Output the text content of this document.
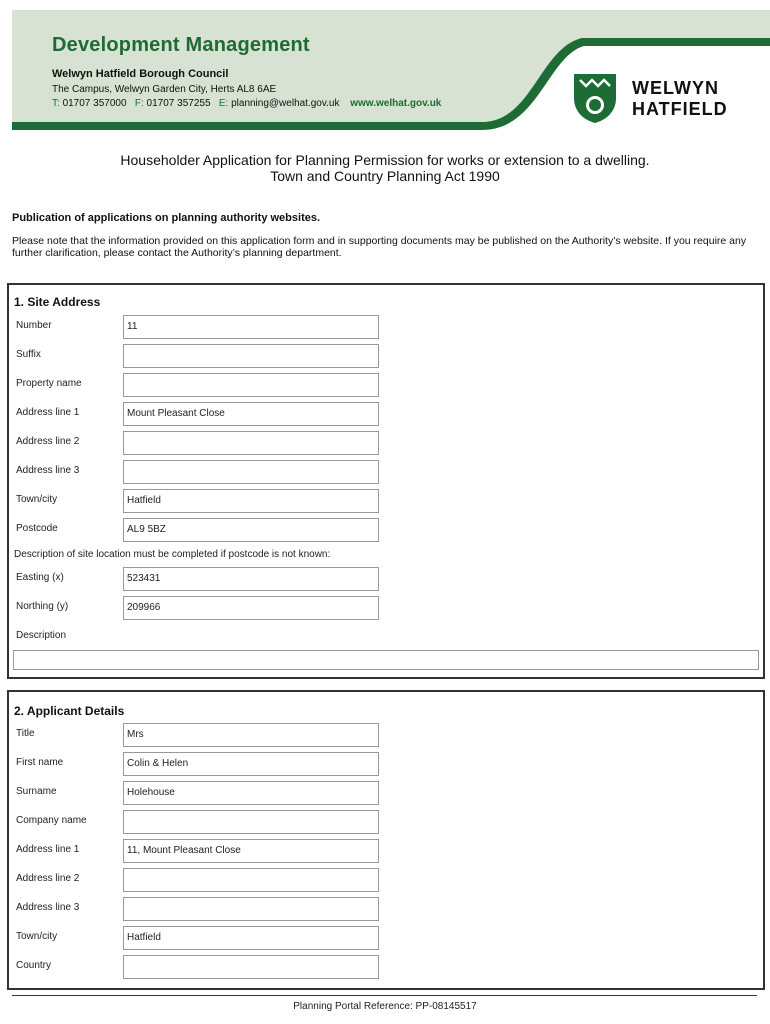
Development Management
Welwyn Hatfield Borough Council
The Campus, Welwyn Garden City, Herts AL8 6AE
T: 01707 357000 F: 01707 357255 E: planning@welhat.gov.uk www.welhat.gov.uk
WELWYN
HATFIELD
Householder Application for Planning Permission for works or extension to a dwelling.
Town and Country Planning Act 1990
Publication of applications on planning authority websites.
Please note that the information provided on this application form and in supporting documents may be published on the Authority’s website. If you require any further clarification, please contact the Authority’s planning department.
1. Site Address
Number	11
Suffix
Property name
Address line 1	Mount Pleasant Close
Address line 2
Address line 3
Town/city	Hatfield
Postcode	AL9 5BZ
Description of site location must be completed if postcode is not known:
Easting (x)	523431
Northing (y)	209966
Description
2. Applicant Details
Title	Mrs
First name	Colin & Helen
Surname	Holehouse
Company name
Address line 1	11, Mount Pleasant Close
Address line 2
Address line 3
Town/city	Hatfield
Country
Planning Portal Reference: PP-08145517
